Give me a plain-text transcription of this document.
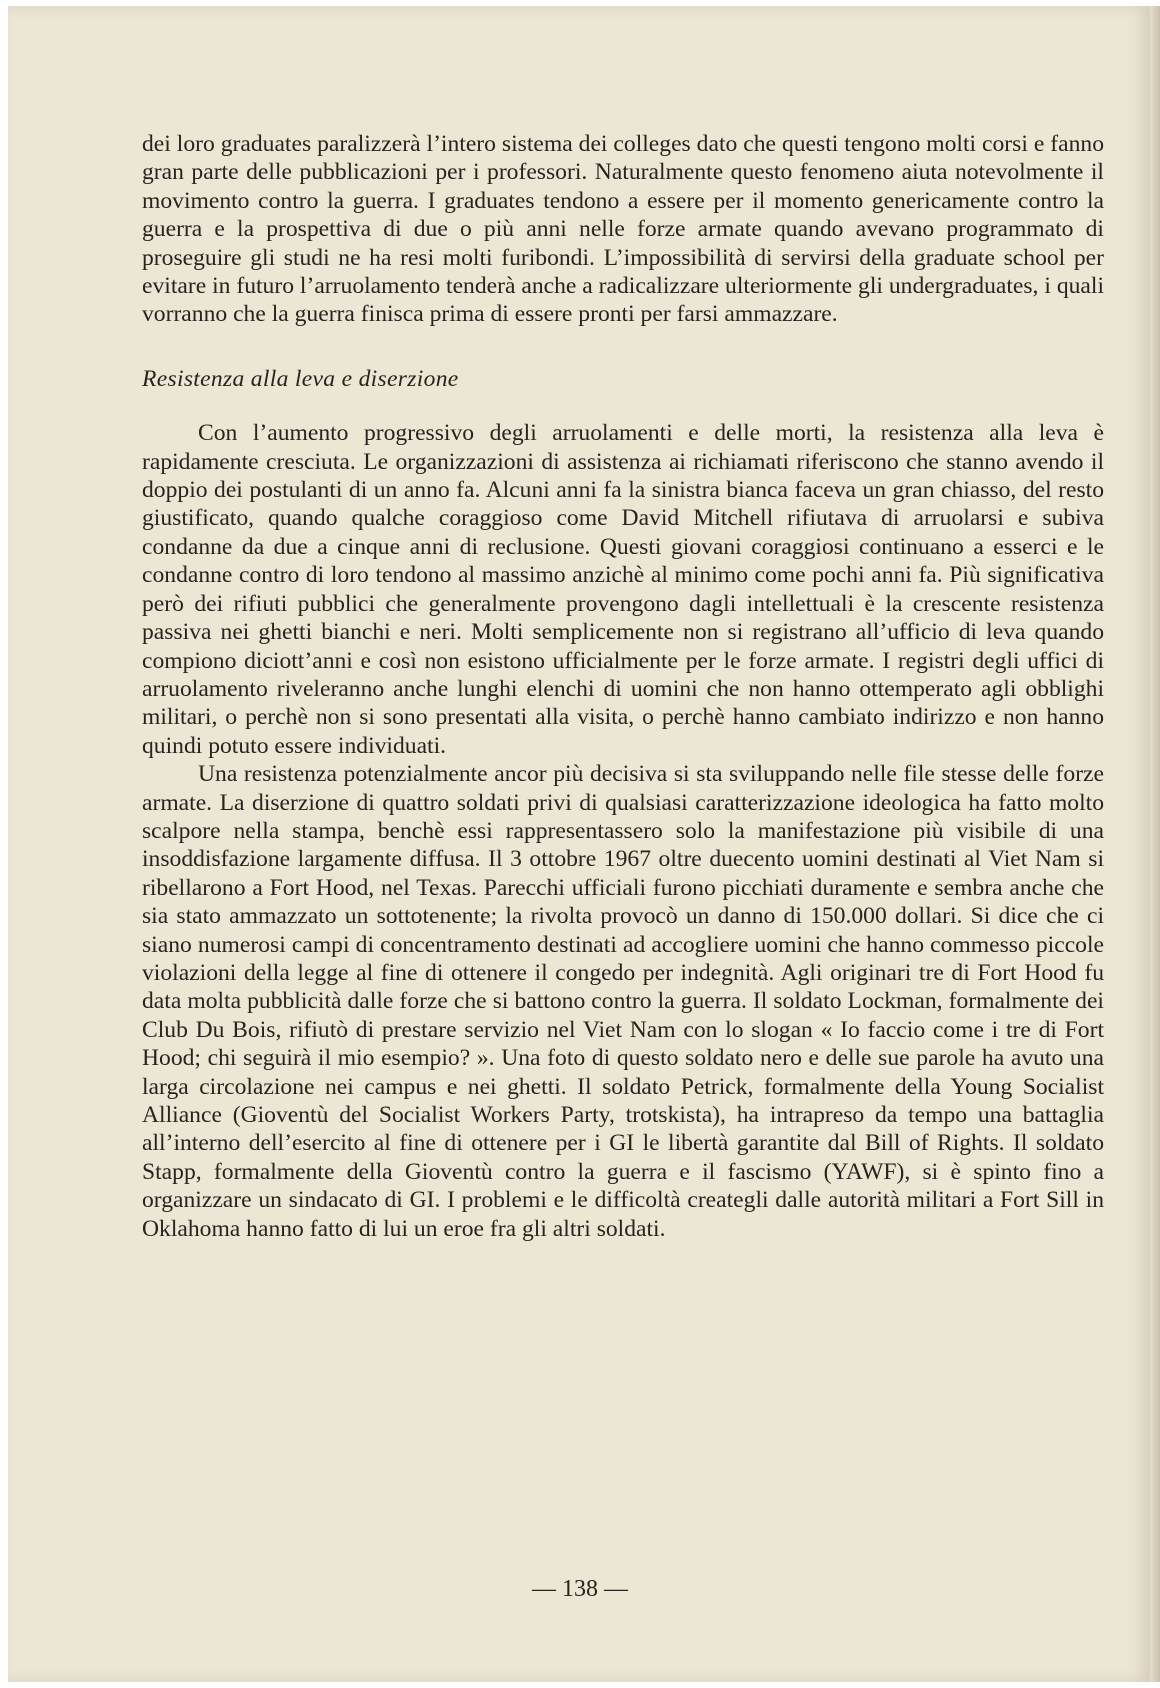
dei loro graduates paralizzerà l’intero sistema dei colleges dato che questi tengono molti corsi e fanno gran parte delle pubblicazioni per i professori. Naturalmente questo fenomeno aiuta notevolmente il movimento contro la guerra. I graduates tendono a essere per il momento genericamente contro la guerra e la prospettiva di due o più anni nelle forze armate quando avevano programmato di proseguire gli studi ne ha resi molti furibondi. L’impossibilità di servirsi della graduate school per evitare in futuro l’arruolamento tenderà anche a radicalizzare ulteriormente gli undergraduates, i quali vorranno che la guerra finisca prima di essere pronti per farsi ammazzare.

Resistenza alla leva e diserzione

Con l’aumento progressivo degli arruolamenti e delle morti, la resistenza alla leva è rapidamente cresciuta. Le organizzazioni di assistenza ai richiamati riferiscono che stanno avendo il doppio dei postulanti di un anno fa. Alcuni anni fa la sinistra bianca faceva un gran chiasso, del resto giustificato, quando qualche coraggioso come David Mitchell rifiutava di arruolarsi e subiva condanne da due a cinque anni di reclusione. Questi giovani coraggiosi continuano a esserci e le condanne contro di loro tendono al massimo anzichè al minimo come pochi anni fa. Più significativa però dei rifiuti pubblici che generalmente provengono dagli intellettuali è la crescente resistenza passiva nei ghetti bianchi e neri. Molti semplicemente non si registrano all’ufficio di leva quando compiono diciott’anni e così non esistono ufficialmente per le forze armate. I registri degli uffici di arruolamento riveleranno anche lunghi elenchi di uomini che non hanno ottemperato agli obblighi militari, o perchè non si sono presentati alla visita, o perchè hanno cambiato indirizzo e non hanno quindi potuto essere individuati.

Una resistenza potenzialmente ancor più decisiva si sta sviluppando nelle file stesse delle forze armate. La diserzione di quattro soldati privi di qualsiasi caratterizzazione ideologica ha fatto molto scalpore nella stampa, benchè essi rappresentassero solo la manifestazione più visibile di una insoddisfazione largamente diffusa. Il 3 ottobre 1967 oltre duecento uomini destinati al Viet Nam si ribellarono a Fort Hood, nel Texas. Parecchi ufficiali furono picchiati duramente e sembra anche che sia stato ammazzato un sottotenente; la rivolta provocò un danno di 150.000 dollari. Si dice che ci siano numerosi campi di concentramento destinati ad accogliere uomini che hanno commesso piccole violazioni della legge al fine di ottenere il congedo per indegnità. Agli originari tre di Fort Hood fu data molta pubblicità dalle forze che si battono contro la guerra. Il soldato Lockman, formalmente dei Club Du Bois, rifiutò di prestare servizio nel Viet Nam con lo slogan « Io faccio come i tre di Fort Hood; chi seguirà il mio esempio? ». Una foto di questo soldato nero e delle sue parole ha avuto una larga circolazione nei campus e nei ghetti. Il soldato Petrick, formalmente della Young Socialist Alliance (Gioventù del Socialist Workers Party, trotskista), ha intrapreso da tempo una battaglia all’interno dell’esercito al fine di ottenere per i GI le libertà garantite dal Bill of Rights. Il soldato Stapp, formalmente della Gioventù contro la guerra e il fascismo (YAWF), si è spinto fino a organizzare un sindacato di GI. I problemi e le difficoltà creategli dalle autorità militari a Fort Sill in Oklahoma hanno fatto di lui un eroe fra gli altri soldati.

— 138 —
